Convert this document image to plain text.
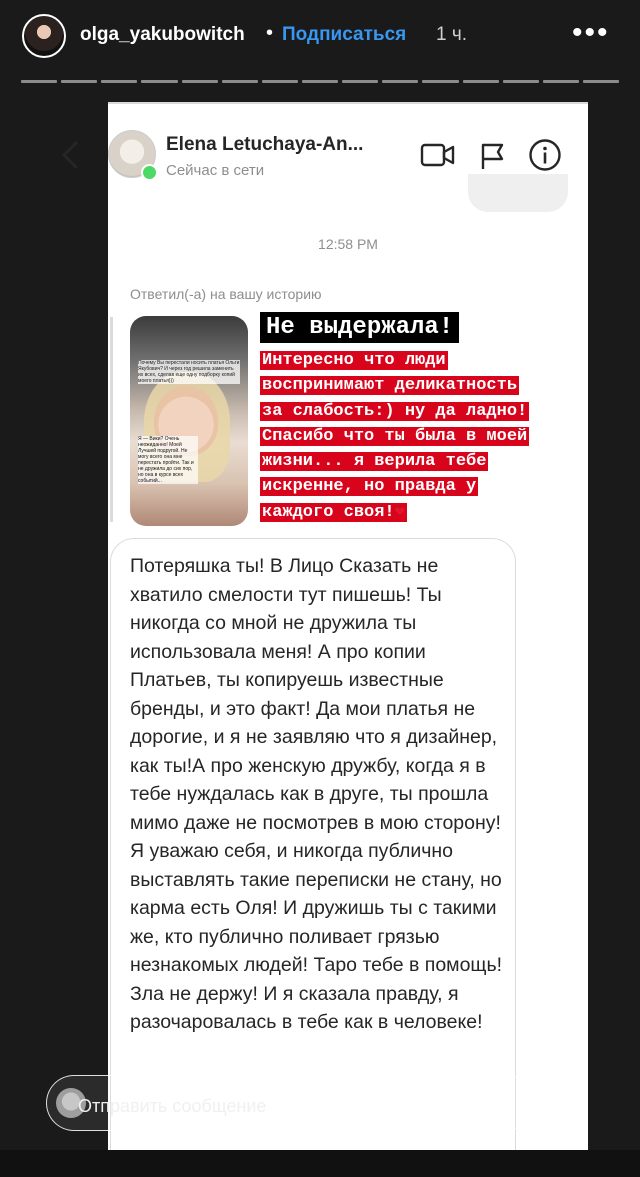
olga_yakubowitch • Подписаться 1 ч.	•••
Elena Letuchaya-An...
Сейчас в сети
12:58 PM
Ответил(-а) на вашу историю
Почему Вы перестали носить платья Ольги Якубович? И через год решила заменить их всех, сделав еще одну подборку копий моего платья)))
Я — Вики? Очень неожиданно! Моей Лучшей подругой. Не могу всего она мне перестать пройти. Так и не дружила до сих пор, но она в курсе всех событий...
Не выдержала!
Интересно что люди
воспринимают деликатность
за слабость:) ну да ладно!
Спасибо что ты была в моей
жизни... я верила тебе
искренне, но правда у
каждого своя!❤
Потеряшка ты! В Лицо Сказать не хватило смелости тут пишешь! Ты никогда со мной не дружила ты использовала меня! А про копии Платьев, ты копируешь известные бренды, и это факт! Да мои платья не дорогие, и я не заявляю что я дизайнер, как ты!А про женскую дружбу, когда я в тебе нуждалась как в друге, ты прошла мимо даже не посмотрев в мою сторону! Я уважаю себя, и никогда публично выставлять такие переписки не стану, но карма есть Оля! И дружишь ты с такими же, кто публично поливает грязью незнакомых людей! Таро тебе в помощь! Зла не держу! И я сказала правду, я разочаровалась в тебе как в человеке!
Отправить сообщение
